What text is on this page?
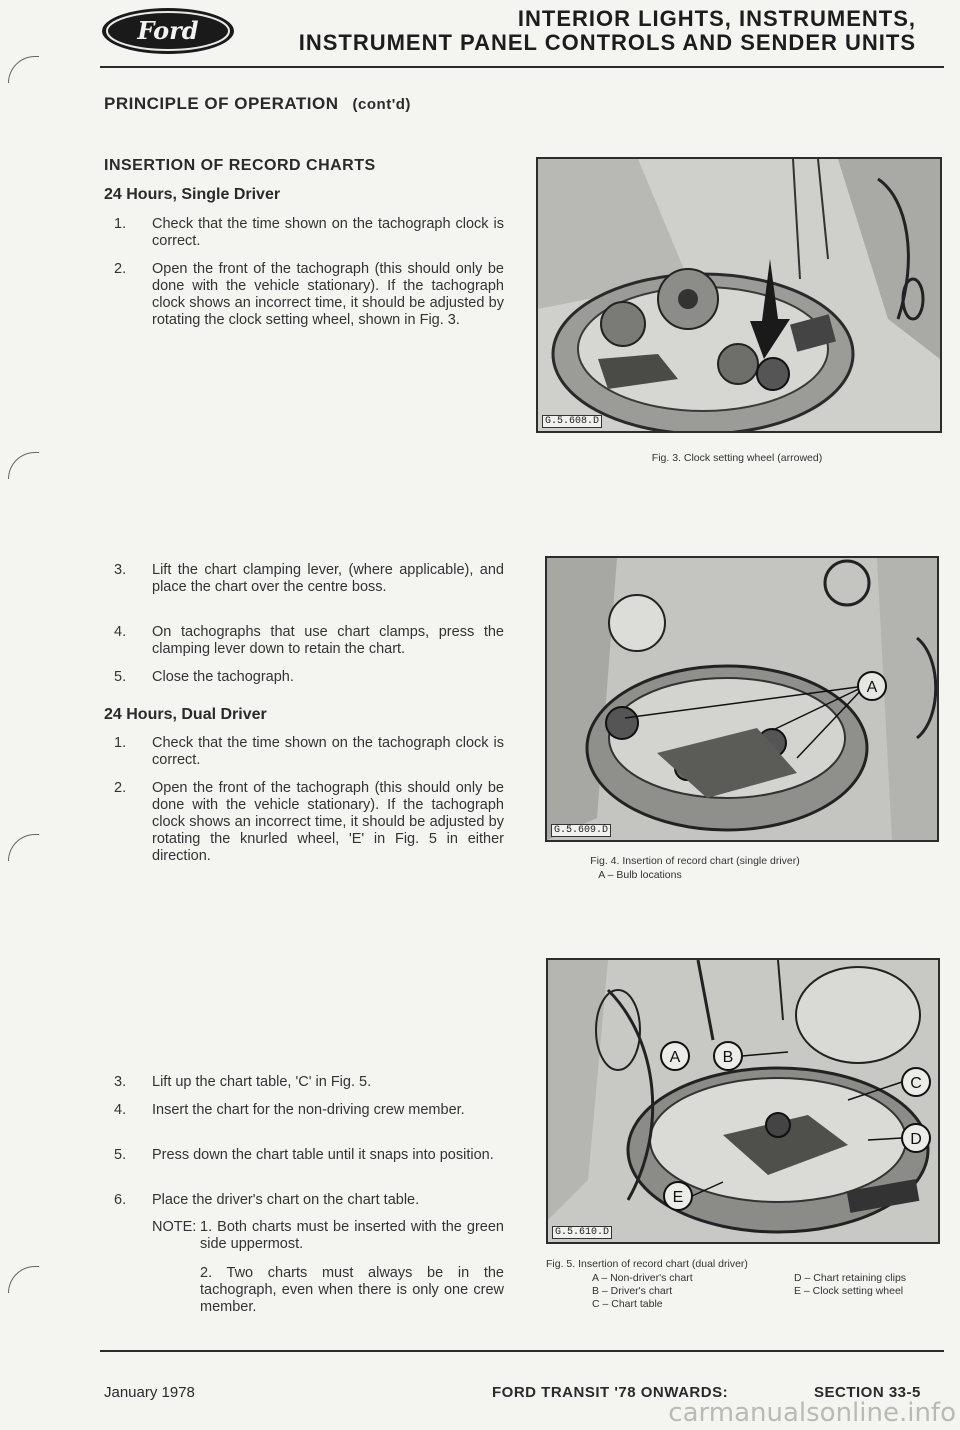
Ford	INTERIOR LIGHTS, INSTRUMENTS,
INSTRUMENT PANEL CONTROLS AND SENDER UNITS
PRINCIPLE OF OPERATION (cont'd)
INSERTION OF RECORD CHARTS
24 Hours, Single Driver
1.	Check that the time shown on the tachograph clock is correct.
2.	Open the front of the tachograph (this should only be done with the vehicle stationary). If the tachograph clock shows an incorrect time, it should be adjusted by rotating the clock setting wheel, shown in Fig. 3.
3.	Lift the chart clamping lever, (where applicable), and place the chart over the centre boss.
4.	On tachographs that use chart clamps, press the clamping lever down to retain the chart.
5.	Close the tachograph.
24 Hours, Dual Driver
1.	Check that the time shown on the tachograph clock is correct.
2.	Open the front of the tachograph (this should only be done with the vehicle stationary). If the tachograph clock shows an incorrect time, it should be adjusted by rotating the knurled wheel, 'E' in Fig. 5 in either direction.
3.	Lift up the chart table, 'C' in Fig. 5.
4.	Insert the chart for the non-driving crew member.
5.	Press down the chart table until it snaps into position.
6.	Place the driver's chart on the chart table.
NOTE: 1. Both charts must be inserted with the green side uppermost.
2. Two charts must always be in the tachograph, even when there is only one crew member.
G.5.608.D
Fig. 3. Clock setting wheel (arrowed)
A
G.5.609.D
Fig. 4. Insertion of record chart (single driver)
A – Bulb locations
A	B
C
D
E
G.5.610.D
Fig. 5. Insertion of record chart (dual driver)
A – Non-driver's chart
B – Driver's chart
C – Chart table
D – Chart retaining clips
E – Clock setting wheel
January 1978	FORD TRANSIT '78 ONWARDS:	SECTION 33-5
carmanualsonline.info
